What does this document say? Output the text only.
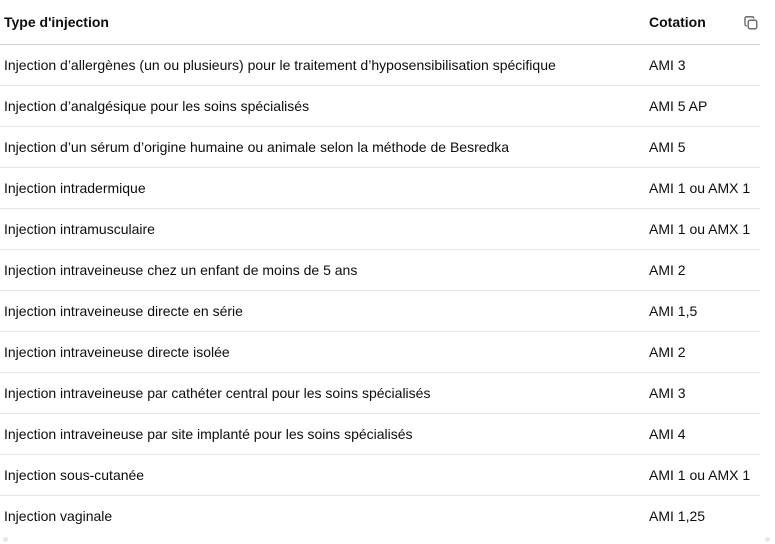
Type d'injection	Cotation
Injection d’allergènes (un ou plusieurs) pour le traitement d’hyposensibilisation spécifique	AMI 3
Injection d’analgésique pour les soins spécialisés	AMI 5 AP
Injection d’un sérum d’origine humaine ou animale selon la méthode de Besredka	AMI 5
Injection intradermique	AMI 1 ou AMX 1
Injection intramusculaire	AMI 1 ou AMX 1
Injection intraveineuse chez un enfant de moins de 5 ans	AMI 2
Injection intraveineuse directe en série	AMI 1,5
Injection intraveineuse directe isolée	AMI 2
Injection intraveineuse par cathéter central pour les soins spécialisés	AMI 3
Injection intraveineuse par site implanté pour les soins spécialisés	AMI 4
Injection sous-cutanée	AMI 1 ou AMX 1
Injection vaginale	AMI 1,25
